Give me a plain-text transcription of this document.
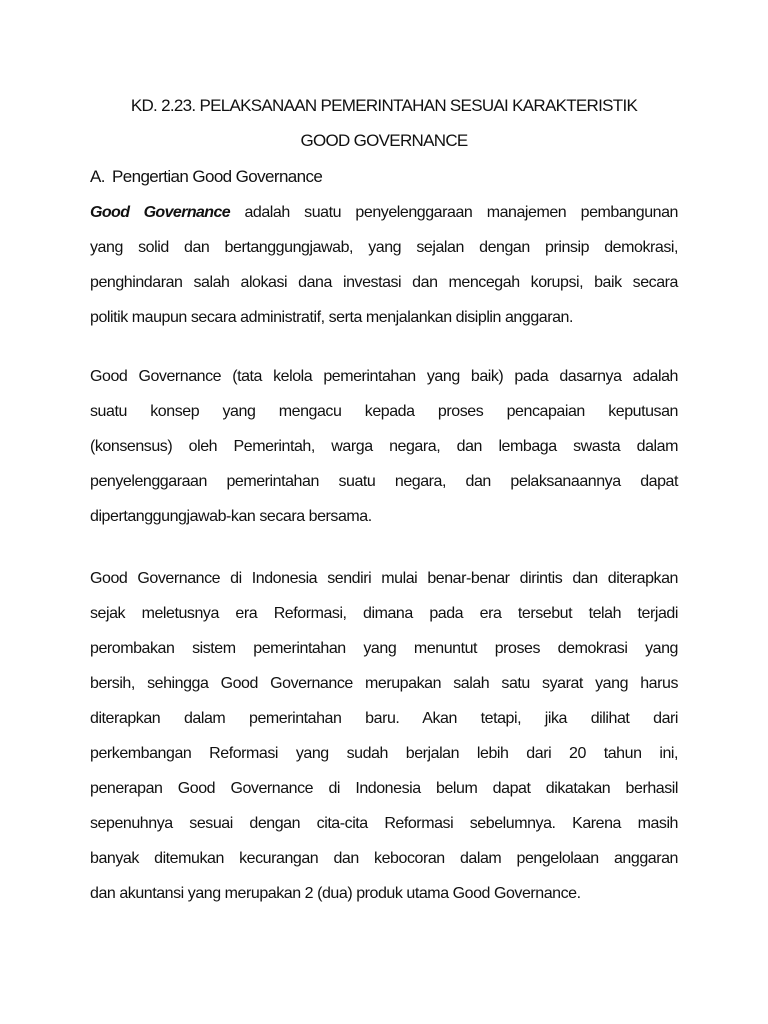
KD. 2.23. PELAKSANAAN PEMERINTAHAN SESUAI KARAKTERISTIK
GOOD GOVERNANCE
A. Pengertian Good Governance

Good Governance adalah suatu penyelenggaraan manajemen pembangunan
yang solid dan bertanggungjawab, yang sejalan dengan prinsip demokrasi,
penghindaran salah alokasi dana investasi dan mencegah korupsi, baik secara
politik maupun secara administratif, serta menjalankan disiplin anggaran.

Good Governance (tata kelola pemerintahan yang baik) pada dasarnya adalah
suatu konsep yang mengacu kepada proses pencapaian keputusan
(konsensus) oleh Pemerintah, warga negara, dan lembaga swasta dalam
penyelenggaraan pemerintahan suatu negara, dan pelaksanaannya dapat
dipertanggungjawab-kan secara bersama.

Good Governance di Indonesia sendiri mulai benar-benar dirintis dan diterapkan
sejak meletusnya era Reformasi, dimana pada era tersebut telah terjadi
perombakan sistem pemerintahan yang menuntut proses demokrasi yang
bersih, sehingga Good Governance merupakan salah satu syarat yang harus
diterapkan dalam pemerintahan baru. Akan tetapi, jika dilihat dari
perkembangan Reformasi yang sudah berjalan lebih dari 20 tahun ini,
penerapan Good Governance di Indonesia belum dapat dikatakan berhasil
sepenuhnya sesuai dengan cita-cita Reformasi sebelumnya. Karena masih
banyak ditemukan kecurangan dan kebocoran dalam pengelolaan anggaran
dan akuntansi yang merupakan 2 (dua) produk utama Good Governance.
